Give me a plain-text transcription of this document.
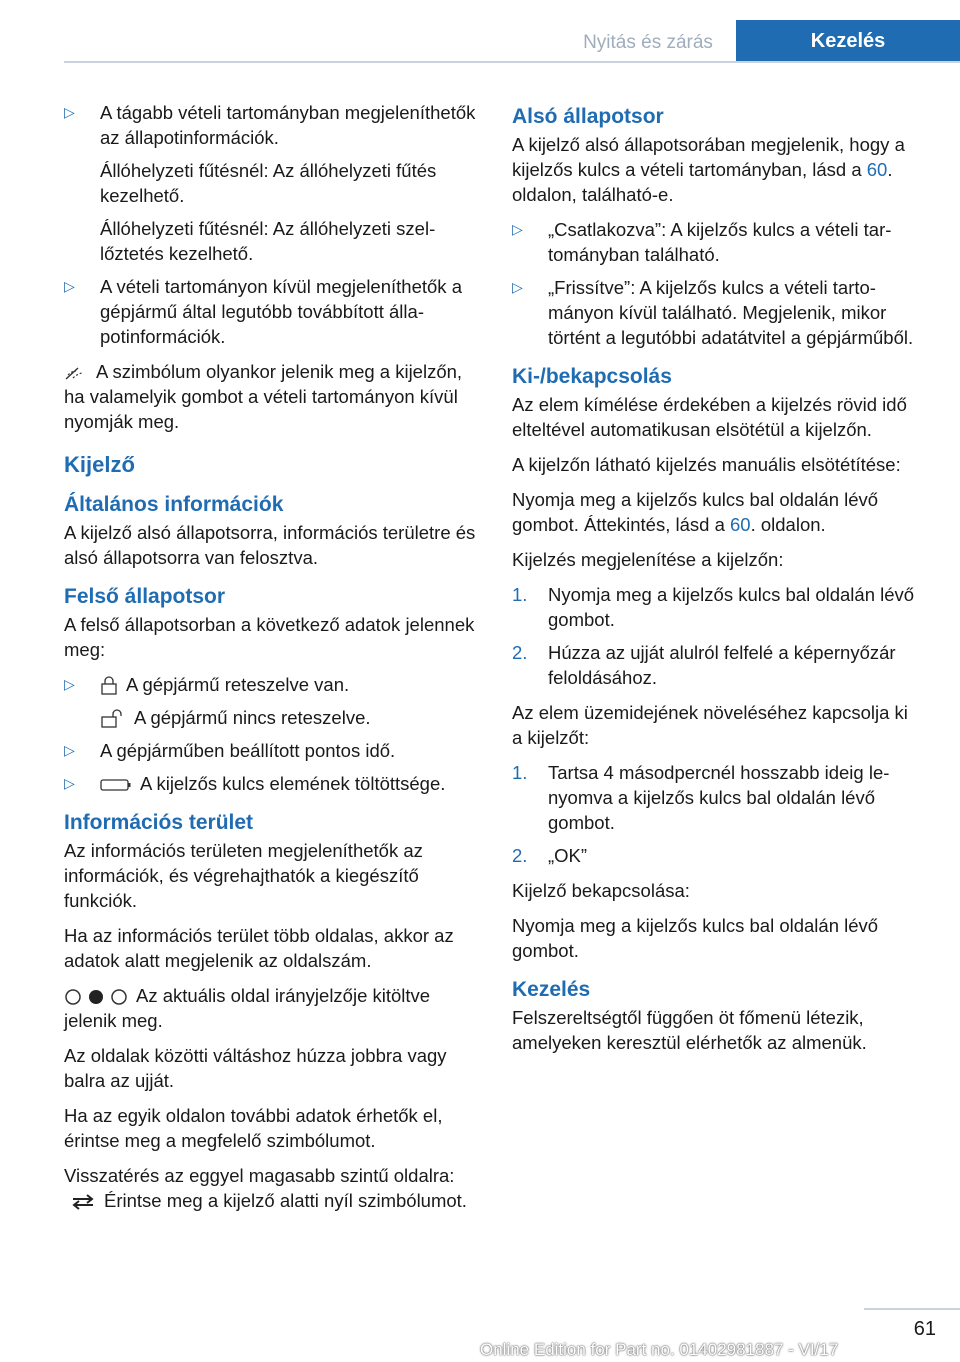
Nyitás és zárás	Kezelés
▷ A tágabb vételi tartományban megjeleníthetők az állapotinformációk.
Állóhelyzeti fűtésnél: Az állóhelyzeti fűtés kezelhető.
Állóhelyzeti fűtésnél: Az állóhelyzeti szellőztetés kezelhető.
▷ A vételi tartományon kívül megjeleníthetők a gépjármű által legutóbb továbbított állapotinformációk.

A szimbólum olyankor jelenik meg a kijelzőn, ha valamelyik gombot a vételi tartományon kívül nyomják meg.

Kijelző
Általános információk

A kijelző alsó állapotsorra, információs területre és alsó állapotsorra van felosztva.

Felső állapotsor

A felső állapotsorban a következő adatok jelennek meg:

▷	A gépjármű reteszelve van.
A gépjármű nincs reteszelve.
▷ A gépjárműben beállított pontos idő.
▷	A kijelzős kulcs elemének töltöttsége.
Információs terület

Az információs területen megjeleníthetők az információk, és végrehajthatók a kiegészítő funkciók.

Ha az információs terület több oldalas, akkor az adatok alatt megjelenik az oldalszám.

Az aktuális oldal irányjelzője kitöltve jelenik meg.

Az oldalak közötti váltáshoz húzza jobbra vagy balra az ujját.

Ha az egyik oldalon további adatok érhetők el, érintse meg a megfelelő szimbólumot.

Visszatérés az eggyel magasabb szintű oldalra: Érintse meg a kijelző alatti nyíl szimbólumot.

Alsó állapotsor

A kijelző alsó állapotsorában megjelenik, hogy a kijelzős kulcs a vételi tartományban, lásd a 60. oldalon, található-e.

▷ „Csatlakozva”: A kijelzős kulcs a vételi tartományban található.
▷ „Frissítve”: A kijelzős kulcs a vételi tartományon kívül található. Megjelenik, mikor történt a legutóbbi adatátvitel a gépjárműből.
Ki-/bekapcsolás

Az elem kímélése érdekében a kijelzés rövid idő elteltével automatikusan elsötétül a kijelzőn.

A kijelzőn látható kijelzés manuális elsötétítése:

Nyomja meg a kijelzős kulcs bal oldalán lévő gombot. Áttekintés, lásd a 60. oldalon.

Kijelzés megjelenítése a kijelzőn:

1. Nyomja meg a kijelzős kulcs bal oldalán lévő gombot.
2. Húzza az ujját alulról felfelé a képernyőzár feloldásához.

Az elem üzemidejének növeléséhez kapcsolja ki a kijelzőt:

1. Tartsa 4 másodpercnél hosszabb ideig lenyomva a kijelzős kulcs bal oldalán lévő gombot.
2. „OK”

Kijelző bekapcsolása:

Nyomja meg a kijelzős kulcs bal oldalán lévő gombot.

Kezelés

Felszereltségtől függően öt főmenü létezik, amelyeken keresztül elérhetők az almenük.

61
Online Edition for Part no. 01402981887 - VI/17
